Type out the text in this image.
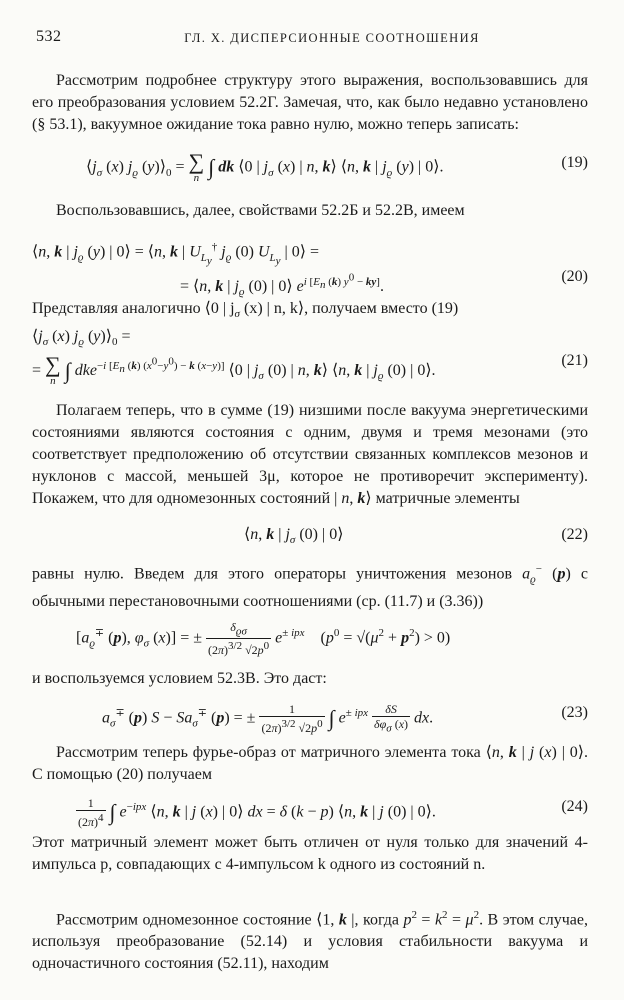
532	ГЛ. X. ДИСПЕРСИОННЫЕ СООТНОШЕНИЯ

Рассмотрим подробнее структуру этого выражения, воспользовавшись для его преобразования условием 52.2Г. Замечая, что, как было недавно установлено (§ 53.1), вакуумное ожидание тока равно нулю, можно теперь записать:

$⟨j_\sigma$ (x) $j_ϱ$ $(y)⟩_0$ = ∑
n ∫ dk ⟨0 | $j_\sigma$ (x) | n, k⟩ ⟨n, k | $j_ϱ$ (y) | 0⟩.	(19)

Воспользовавшись, далее, свойствами 52.2Б и 52.2В, имеем

⟨n, k | $j_ϱ$ (y) | 0⟩ = ⟨n, k | $U_{L_y}^\dagger$ $j_ϱ$ (0) $U_{L_y}$ | 0⟩ =
= ⟨n, k | $j_ϱ$ (0) | 0⟩ $e^{i [E_n (k) y^0 - ky]}$.
(20)
Представляя аналогично ⟨0 | $j_\sigma$ (x) | n, k⟩, получаем вместо (19)
$⟨j_\sigma$ (x) $j_ϱ$ $(y)⟩_0$ =
= ∑
n ∫ dke$^{-i [E_n (k) (x^0-y^0) - k (x-y)]}$ ⟨0 | $j_\sigma$ (0) | n, k⟩ ⟨n, k | $j_ϱ$ (0) | 0⟩.
(21)

Полагаем теперь, что в сумме (19) низшими после вакуума энергетическими состояниями являются состояния с одним, двумя и тремя мезонами (это соответствует предположению об отсутствии связанных комплексов мезонов и нуклонов с массой, меньшей 3μ, которое не противоречит эксперименту). Покажем, что для одномезонных состояний | n, k⟩ матричные элементы

⟨n, k | $j_\sigma$ (0) | 0⟩	(22)

равны нулю. Введем для этого операторы уничтожения мезонов $a_ϱ^-$ (p) с обычными перестановочными соотношениями (ср. (11.7) и (3.36))

[$a_ϱ^\mp$ (p), $\varphi_\sigma$ (x)] = ± $\frac{\delta_{ϱ\sigma}}{(2\pi)^{3/2} √2p^0} e^{\pm ipx}$    $(p^0 = √(\mu^2 + p^2) > 0)$

и воспользуемся условием 52.3В. Это даст:

$a_\sigma^\mp$ (p) $S - Sa_\sigma^\mp$ (p) = ± $\frac{1}{(2\pi)^{3/2} √2p^0}$ ∫ $e^{\pm ipx} \frac{\delta S}{\delta\varphi_\sigma (x)}$ dx.	(23)

Рассмотрим теперь фурье-образ от матричного элемента тока ⟨n, k | j (x) | 0⟩. С помощью (20) получаем

$\frac{1}{(2\pi)^4}$ ∫ $e^{-ipx}$ ⟨n, k | j (x) | 0⟩ dx = δ (k − p) ⟨n, k | j (0) | 0⟩.	(24)

Этот матричный элемент может быть отличен от нуля только для значений 4-импульса p, совпадающих с 4-импульсом k одного из состояний n.

Рассмотрим одномезонное состояние ⟨1, k |, когда $p^2 = k^2 = \mu^2$. В этом случае, используя преобразование (52.14) и условия стабильности вакуума и одночастичного состояния (52.11), находим
